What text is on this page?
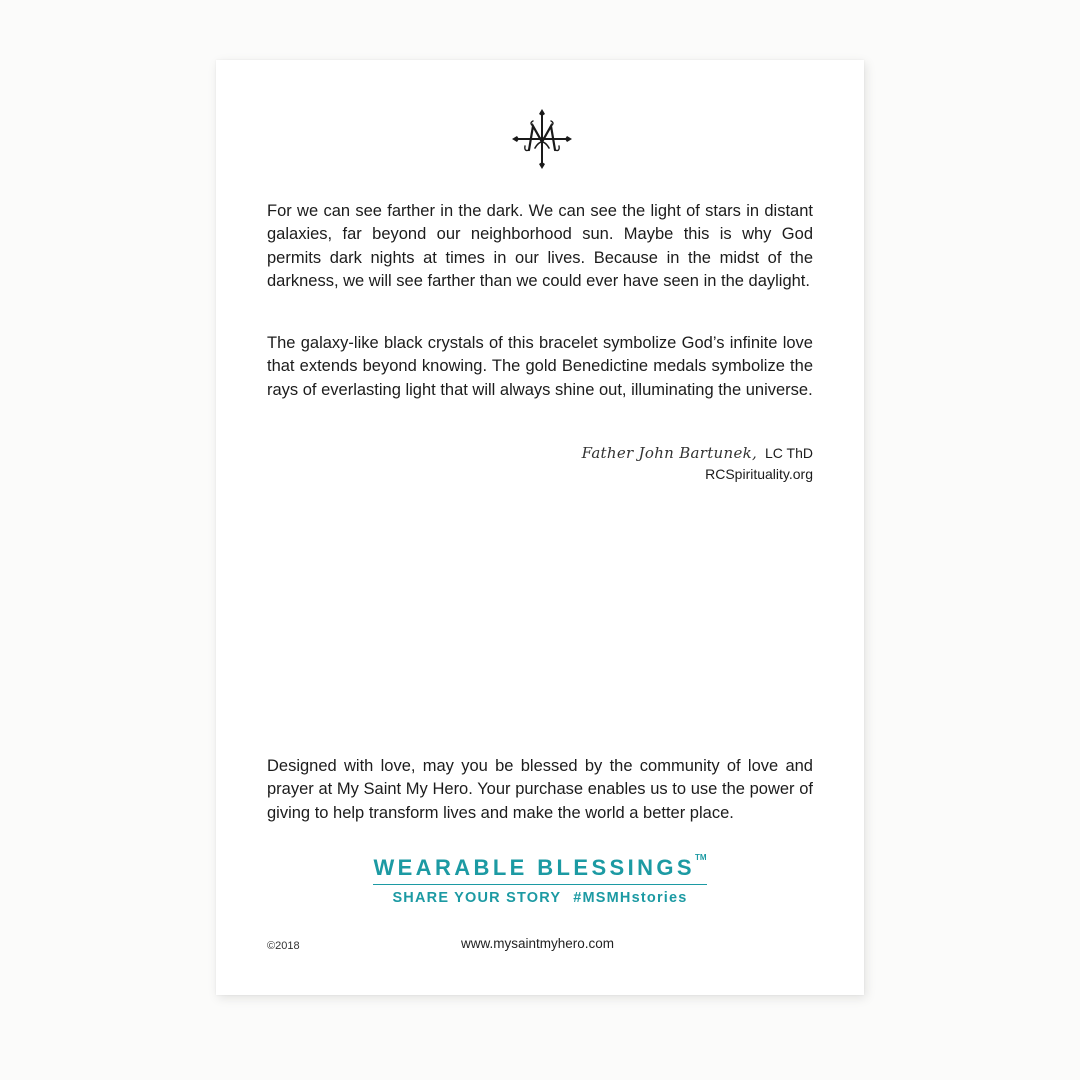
For we can see farther in the dark. We can see the light of stars in distant galaxies, far beyond our neighborhood sun. Maybe this is why God permits dark nights at times in our lives. Because in the midst of the darkness, we will see farther than we could ever have seen in the daylight.

The galaxy-like black crystals of this bracelet symbolize God’s infinite love that extends beyond knowing. The gold Benedictine medals symbolize the rays of everlasting light that will always shine out, illuminating the universe.

Father John Bartunek, LC ThD
RCSpirituality.org

Designed with love, may you be blessed by the community of love and prayer at My Saint My Hero. Your purchase enables us to use the power of giving to help transform lives and make the world a better place.

WEARABLE BLESSINGS™
SHARE YOUR STORY #MSMHstories
©2018	www.mysaintmyhero.com
